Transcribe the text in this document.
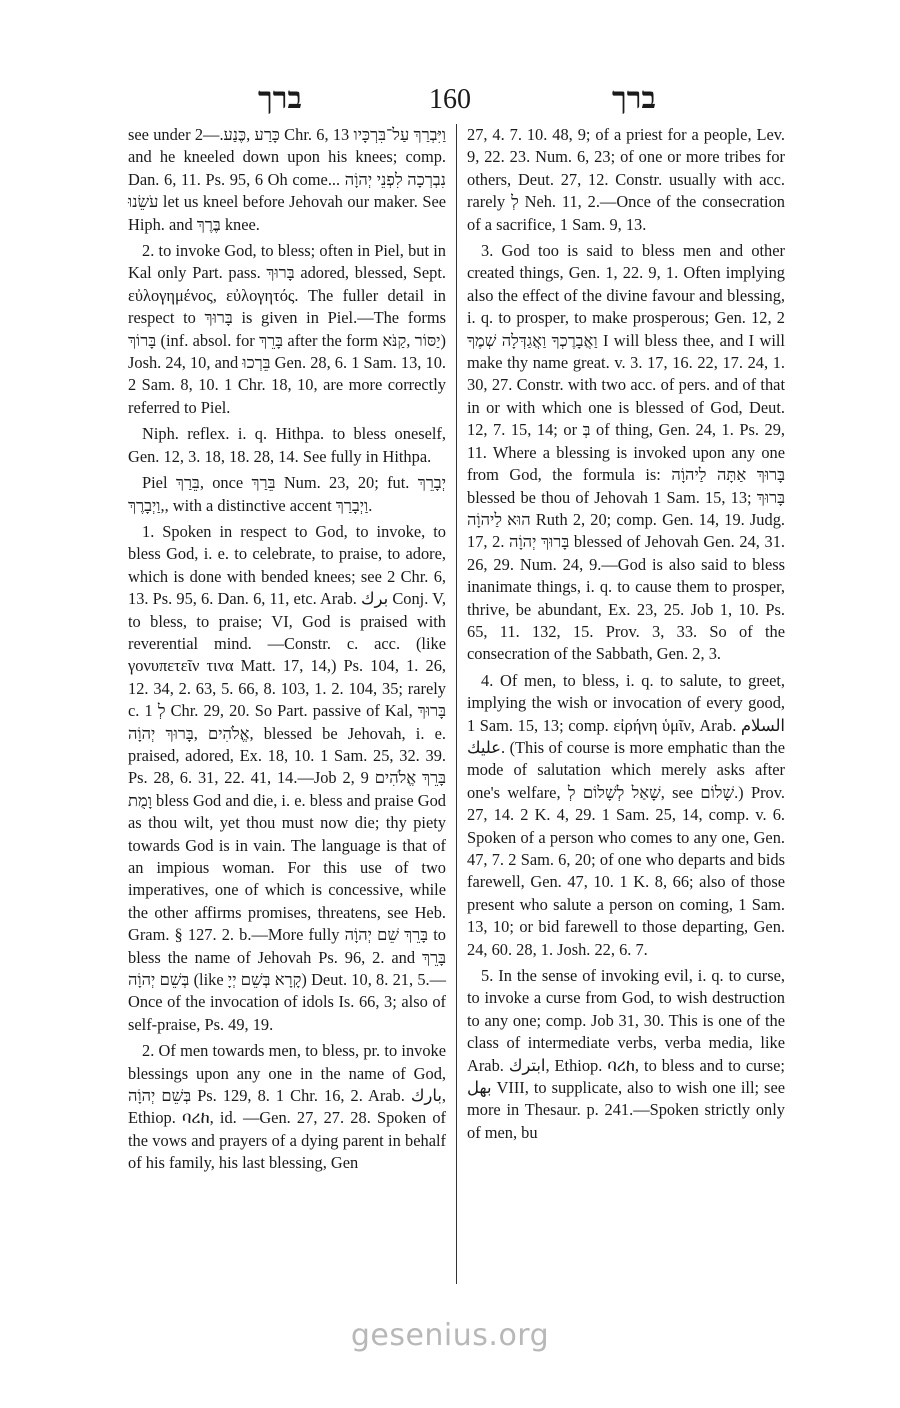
ברך	160	ברך

see under כָּרַע ,כֶּנַע.—2 Chr. 6, 13 וַיִּבְרַךְ עַל־בִּרְכָּיו and he kneeled down upon his knees; comp. Dan. 6, 11. Ps. 95, 6 Oh come... נִבְרְכָה לִפְנֵי יְהוָֹה עֹשֵׂנוּ let us kneel before Jehovah our maker. See Hiph. and בֶּרֶךְ knee.

2. to invoke God, to bless; often in Piel, but in Kal only Part. pass. בָּרוּךְ adored, blessed, Sept. εὐλογημένος, εὐλογητός. The fuller detail in respect to בָּרוּךְ is given in Piel.—The forms בָּרוֹךְ (inf. absol. for בָּרֵךְ after the form יַסּוֹר ,קַנֹּא) Josh. 24, 10, and בֵּרְכוּ Gen. 28, 6. 1 Sam. 13, 10. 2 Sam. 8, 10. 1 Chr. 18, 10, are more correctly referred to Piel.

Niph. reflex. i. q. Hithpa. to bless oneself, Gen. 12, 3. 18, 18. 28, 14. See fully in Hithpa.

Piel בֵּרַךְ, once בֵּרַךְ Num. 23, 20; fut. יְבָרֵךְ ,וַיְבָרֶךְ, with a distinctive accent וַיְבָרַךְ.

1. Spoken in respect to God, to invoke, to bless God, i. e. to celebrate, to praise, to adore, which is done with bended knees; see 2 Chr. 6, 13. Ps. 95, 6. Dan. 6, 11, etc. Arab. برك Conj. V, to bless, to praise; VI, God is praised with reverential mind. —Constr. c. acc. (like γονυπετεῖν τινα Matt. 17, 14,) Ps. 104, 1. 26, 12. 34, 2. 63, 5. 66, 8. 103, 1. 2. 104, 35; rarely c. לְ 1 Chr. 29, 20. So Part. passive of Kal, בָּרוּךְ אֱלֹהִים ,בָּרוּךְ יְהוָֹה, blessed be Jehovah, i. e. praised, adored, Ex. 18, 10. 1 Sam. 25, 32. 39. Ps. 28, 6. 31, 22. 41, 14.—Job 2, 9 בָּרֵךְ אֱלֹהִים וָמֻת bless God and die, i. e. bless and praise God as thou wilt, yet thou must now die; thy piety towards God is in vain. The language is that of an impious woman. For this use of two imperatives, one of which is concessive, while the other affirms promises, threatens, see Heb. Gram. § 127. 2. b.—More fully בָּרֵךְ שֵׁם יְהוָֹה to bless the name of Jehovah Ps. 96, 2. and בָּרֵךְ בְּשֵׁם יְהוָֹה (like קָרָא בְּשֵׁם יְיָ) Deut. 10, 8. 21, 5.—Once of the invocation of idols Is. 66, 3; also of self-praise, Ps. 49, 19.

2. Of men towards men, to bless, pr. to invoke blessings upon any one in the name of God, בְּשֵׁם יְהוָֹה Ps. 129, 8. 1 Chr. 16, 2. Arab. بارك, Ethiop. ባረከ, id. —Gen. 27, 27. 28. Spoken of the vows and prayers of a dying parent in behalf of his family, his last blessing, Gen

27, 4. 7. 10. 48, 9; of a priest for a people, Lev. 9, 22. 23. Num. 6, 23; of one or more tribes for others, Deut. 27, 12. Constr. usually with acc. rarely לְ Neh. 11, 2.—Once of the consecration of a sacrifice, 1 Sam. 9, 13.

3. God too is said to bless men and other created things, Gen. 1, 22. 9, 1. Often implying also the effect of the divine favour and blessing, i. q. to prosper, to make prosperous; Gen. 12, 2 וַאֲבָרֶכְךָ וַאֲגַדְּלָה שְׁמֶךָ I will bless thee, and I will make thy name great. v. 3. 17, 16. 22, 17. 24, 1. 30, 27. Constr. with two acc. of pers. and of that in or with which one is blessed of God, Deut. 12, 7. 15, 14; or בְּ of thing, Gen. 24, 1. Ps. 29, 11. Where a blessing is invoked upon any one from God, the formula is: בָּרוּךְ אַתָּה לַיהוָֹה blessed be thou of Jehovah 1 Sam. 15, 13; בָּרוּךְ הוּא לַיהוָֹה Ruth 2, 20; comp. Gen. 14, 19. Judg. 17, 2. בָּרוּךְ יְהוָֹה blessed of Jehovah Gen. 24, 31. 26, 29. Num. 24, 9.—God is also said to bless inanimate things, i. q. to cause them to prosper, thrive, be abundant, Ex. 23, 25. Job 1, 10. Ps. 65, 11. 132, 15. Prov. 3, 33. So of the consecration of the Sabbath, Gen. 2, 3.

4. Of men, to bless, i. q. to salute, to greet, implying the wish or invocation of every good, 1 Sam. 15, 13; comp. εἰρήνη ὑμῖν, Arab. السلام عليك. (This of course is more emphatic than the mode of salutation which merely asks after one's welfare, שָׁאַל לְשָׁלוֹם לְ, see שָׁלוֹם.) Prov. 27, 14. 2 K. 4, 29. 1 Sam. 25, 14, comp. v. 6. Spoken of a person who comes to any one, Gen. 47, 7. 2 Sam. 6, 20; of one who departs and bids farewell, Gen. 47, 10. 1 K. 8, 66; also of those present who salute a person on coming, 1 Sam. 13, 10; or bid farewell to those departing, Gen. 24, 60. 28, 1. Josh. 22, 6. 7.

5. In the sense of invoking evil, i. q. to curse, to invoke a curse from God, to wish destruction to any one; comp. Job 31, 30. This is one of the class of intermediate verbs, verba media, like Arab. ابترك, Ethiop. ባረከ, to bless and to curse; بهل VIII, to supplicate, also to wish one ill; see more in Thesaur. p. 241.—Spoken strictly only of men, bu

gesenius.org
